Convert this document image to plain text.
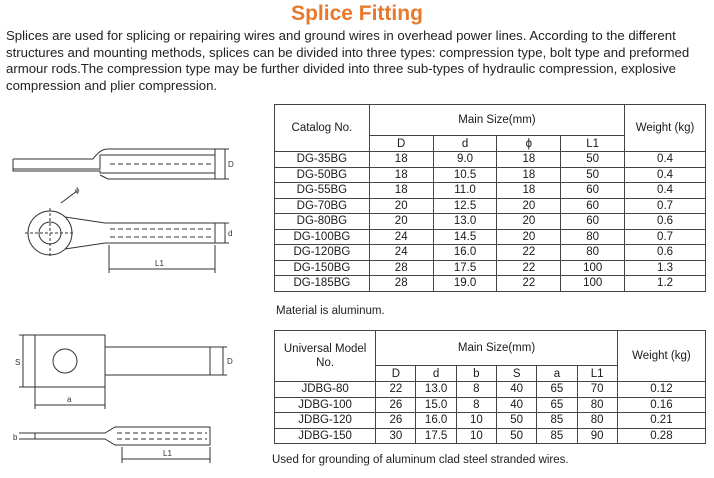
Splice Fitting
Splices are used for splicing or repairing wires and ground wires in overhead power lines. According to the different structures and mounting methods, splices can be divided into three types: compression type, bolt type and preformed armour rods.The compression type may be further divided into three sub-types of hydraulic compression, explosive compression and plier compression.
D
ϕ
d
L1
S	D
a
b
L1
Catalog No.	Main Size(mm)				Weight (kg)
	D	d	ϕ	L1	
DG-35BG	18	9.0	18	50	0.4
DG-50BG	18	10.5	18	50	0.4
DG-55BG	18	11.0	18	60	0.4
DG-70BG	20	12.5	20	60	0.7
DG-80BG	20	13.0	20	60	0.6
DG-100BG	24	14.5	20	80	0.7
DG-120BG	24	16.0	22	80	0.6
DG-150BG	28	17.5	22	100	1.3
DG-185BG	28	19.0	22	100	1.2
Material is aluminum.
Universal Model No.	Main Size(mm)						Weight (kg)
	D	d	b	S	a	L1	
JDBG-80	22	13.0	8	40	65	70	0.12
JDBG-100	26	15.0	8	40	65	80	0.16
JDBG-120	26	16.0	10	50	85	80	0.21
JDBG-150	30	17.5	10	50	85	90	0.28
Used for grounding of aluminum clad steel stranded wires.
